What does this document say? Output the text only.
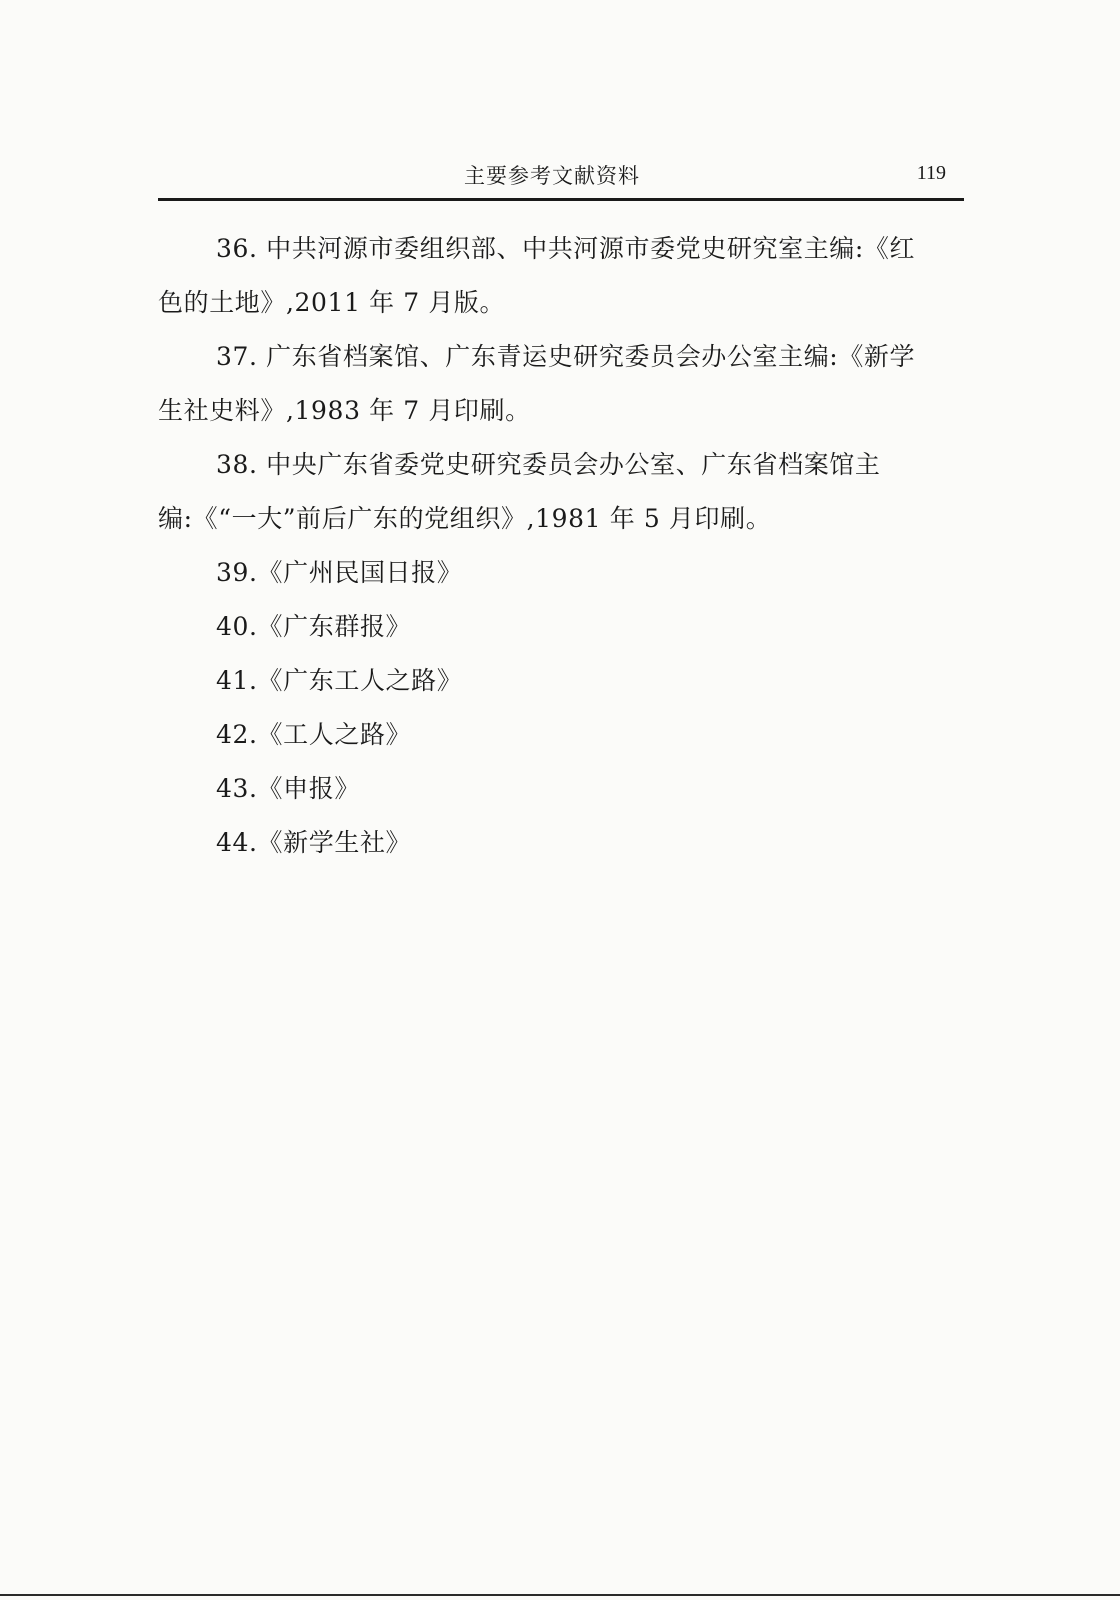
主要参考文献资料	119

36. 中共河源市委组织部、中共河源市委党史研究室主编:《红
色的土地》,2011 年 7 月版。

37. 广东省档案馆、广东青运史研究委员会办公室主编:《新学
生社史料》,1983 年 7 月印刷。

38. 中央广东省委党史研究委员会办公室、广东省档案馆主
编:《“一大”前后广东的党组织》,1981 年 5 月印刷。

39.《广州民国日报》

40.《广东群报》

41.《广东工人之路》

42.《工人之路》

43.《申报》

44.《新学生社》
